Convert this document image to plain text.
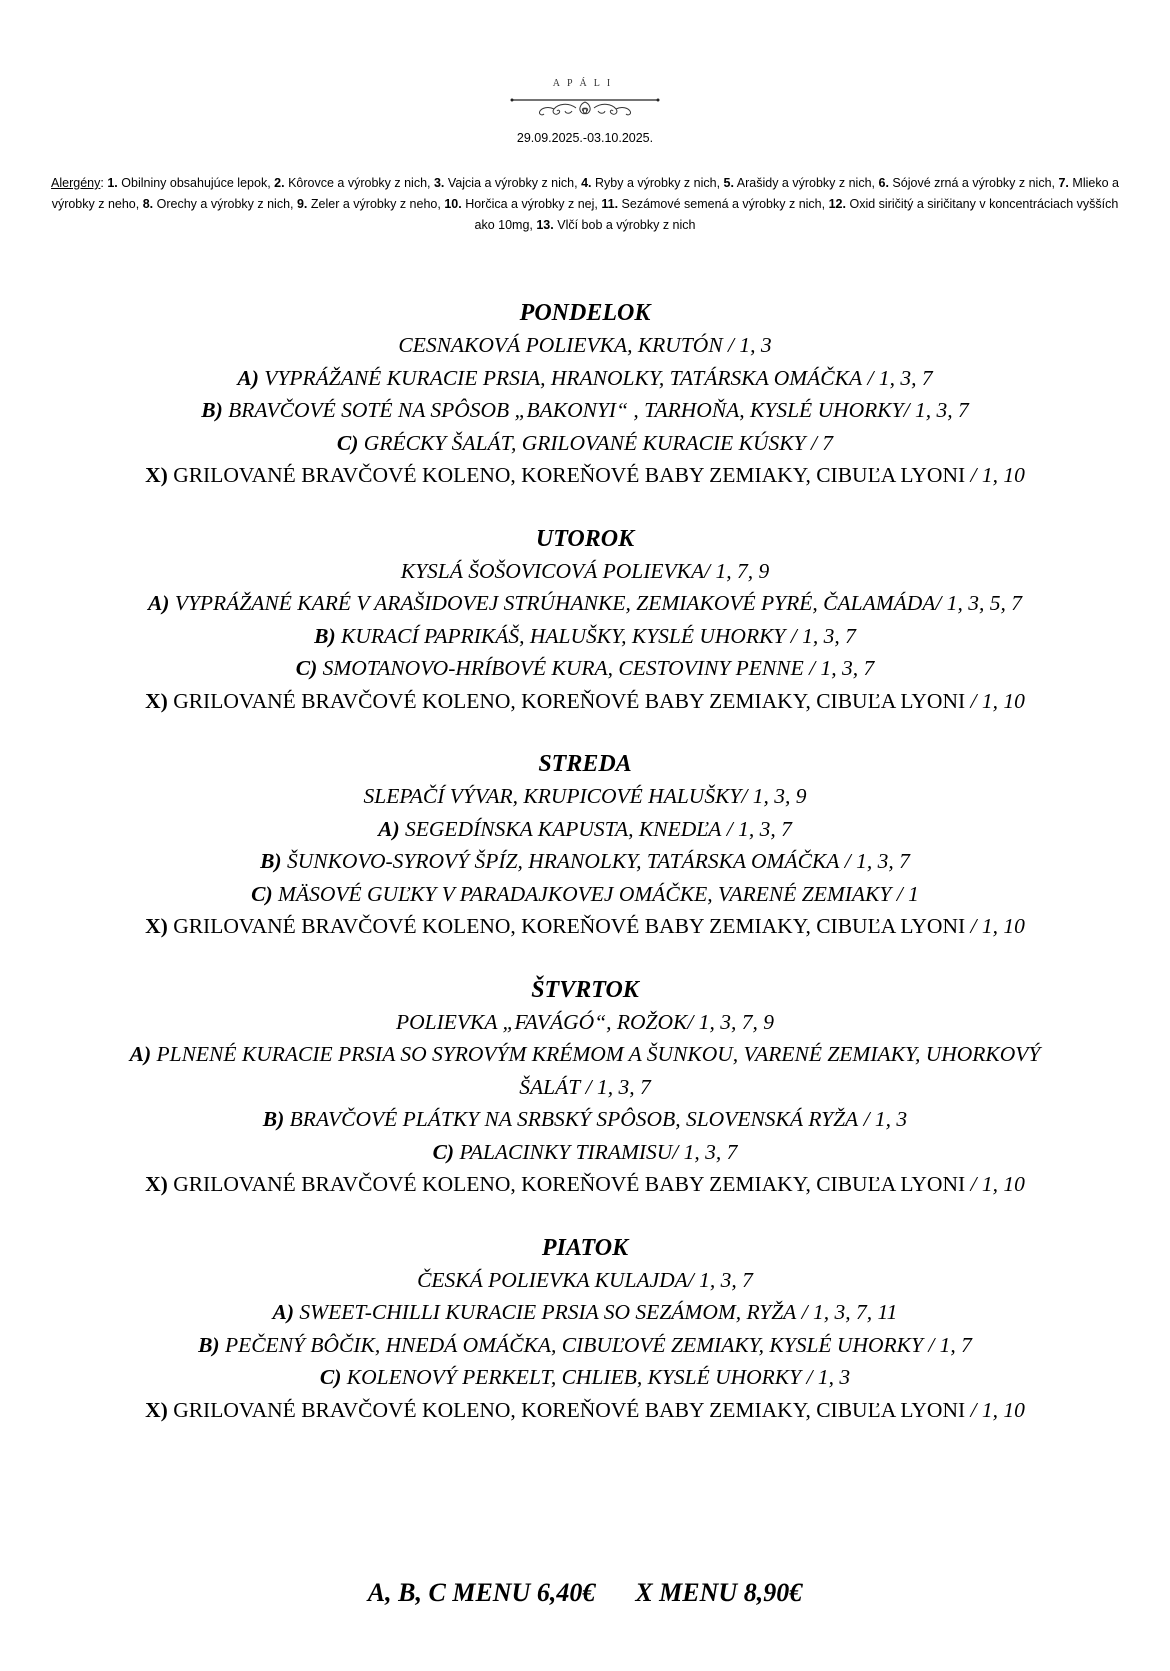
APÁLI
29.09.2025.-03.10.2025.
Alergény: 1. Obilniny obsahujúce lepok, 2. Kôrovce a výrobky z nich, 3. Vajcia a výrobky z nich, 4. Ryby a výrobky z nich, 5. Arašidy a výrobky z nich, 6. Sójové zrná a výrobky z nich, 7. Mlieko a výrobky z neho, 8. Orechy a výrobky z nich, 9. Zeler a výrobky z neho, 10. Horčica a výrobky z nej, 11. Sezámové semená a výrobky z nich, 12. Oxid siričitý a siričitany v koncentráciach vyšších ako 10mg, 13. Vlčí bob a výrobky z nich
PONDELOK
CESNAKOVÁ POLIEVKA, KRUTÓN / 1, 3
A) VYPRÁŽANÉ KURACIE PRSIA, HRANOLKY, TATÁRSKA OMÁČKA / 1, 3, 7
B) BRAVČOVÉ SOTÉ NA SPÔSOB „BAKONYI“ , TARHOŇA, KYSLÉ UHORKY/ 1, 3, 7
C) GRÉCKY ŠALÁT, GRILOVANÉ KURACIE KÚSKY / 7
X) GRILOVANÉ BRAVČOVÉ KOLENO, KOREŇOVÉ BABY ZEMIAKY, CIBUĽA LYONI / 1, 10
UTOROK
KYSLÁ ŠOŠOVICOVÁ POLIEVKA/ 1, 7, 9
A) VYPRÁŽANÉ KARÉ V ARAŠIDOVEJ STRÚHANKE, ZEMIAKOVÉ PYRÉ, ČALAMÁDA/ 1, 3, 5, 7
B) KURACÍ PAPRIKÁŠ, HALUŠKY, KYSLÉ UHORKY / 1, 3, 7
C) SMOTANOVO-HRÍBOVÉ KURA, CESTOVINY PENNE / 1, 3, 7
X) GRILOVANÉ BRAVČOVÉ KOLENO, KOREŇOVÉ BABY ZEMIAKY, CIBUĽA LYONI / 1, 10
STREDA
SLEPAČÍ VÝVAR, KRUPICOVÉ HALUŠKY/ 1, 3, 9
A) SEGEDÍNSKA KAPUSTA, KNEDĽA / 1, 3, 7
B) ŠUNKOVO-SYROVÝ ŠPÍZ, HRANOLKY, TATÁRSKA OMÁČKA / 1, 3, 7
C) MÄSOVÉ GUĽKY V PARADAJKOVEJ OMÁČKE, VARENÉ ZEMIAKY / 1
X) GRILOVANÉ BRAVČOVÉ KOLENO, KOREŇOVÉ BABY ZEMIAKY, CIBUĽA LYONI / 1, 10
ŠTVRTOK
POLIEVKA „FAVÁGÓ“, ROŽOK/ 1, 3, 7, 9
A) PLNENÉ KURACIE PRSIA SO SYROVÝM KRÉMOM A ŠUNKOU, VARENÉ ZEMIAKY, UHORKOVÝ ŠALÁT / 1, 3, 7
B) BRAVČOVÉ PLÁTKY NA SRBSKÝ SPÔSOB, SLOVENSKÁ RYŽA / 1, 3
C) PALACINKY TIRAMISU/ 1, 3, 7
X) GRILOVANÉ BRAVČOVÉ KOLENO, KOREŇOVÉ BABY ZEMIAKY, CIBUĽA LYONI / 1, 10
PIATOK
ČESKÁ POLIEVKA KULAJDA/ 1, 3, 7
A) SWEET-CHILLI KURACIE PRSIA SO SEZÁMOM, RYŽA / 1, 3, 7, 11
B) PEČENÝ BÔČIK, HNEDÁ OMÁČKA, CIBUĽOVÉ ZEMIAKY, KYSLÉ UHORKY / 1, 7
C) KOLENOVÝ PERKELT, CHLIEB, KYSLÉ UHORKY / 1, 3
X) GRILOVANÉ BRAVČOVÉ KOLENO, KOREŇOVÉ BABY ZEMIAKY, CIBUĽA LYONI / 1, 10
A, B, C MENU 6,40€ X MENU 8,90€
